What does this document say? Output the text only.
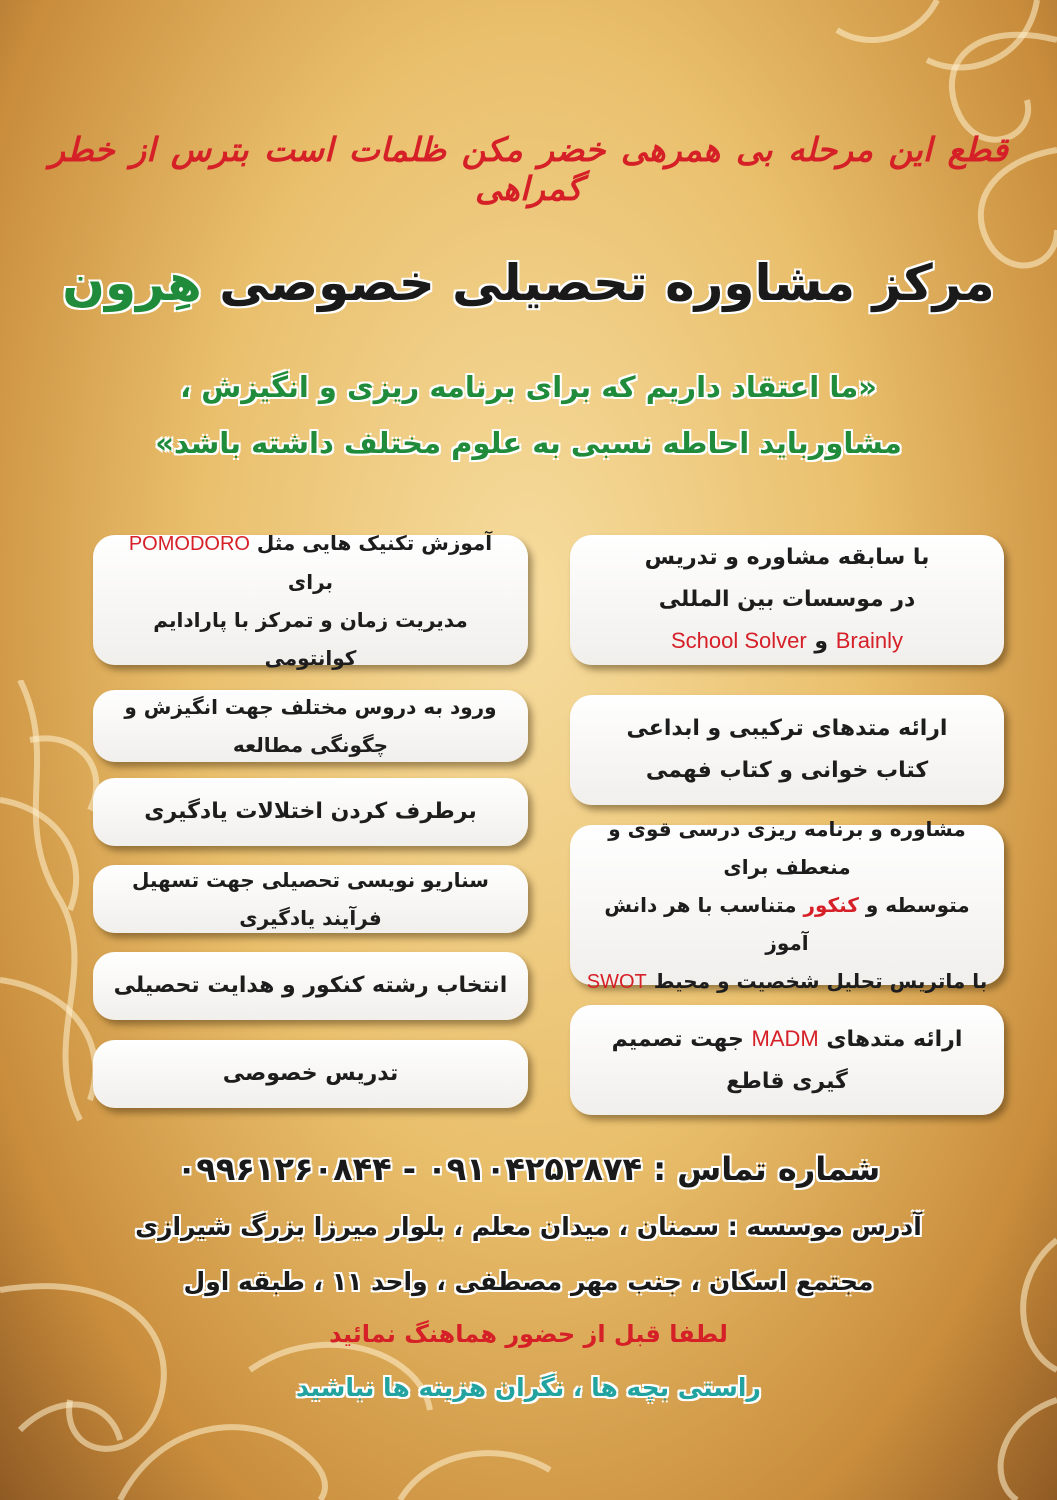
قطع این مرحله بی همرهی خضر مکن ظلمات است بترس از خطر گمراهی
مرکز مشاوره تحصیلی خصوصی هِرون
«ما اعتقاد داریم که برای برنامه ریزی و انگیزش ،
مشاوربايد احاطه نسبی به علوم مختلف داشته باشد»
با سابقه مشاوره و تدریس
در موسسات بین المللی
Brainly و School Solver
ارائه متدهای ترکیبی و ابداعی
کتاب خوانی و کتاب فهمی
مشاوره و برنامه ریزی درسی قوی و منعطف برای
متوسطه و کنکور متناسب با هر دانش آموز
با ماتریس تحلیل شخصیت و محیط SWOT
ارائه متدهای MADM جهت تصمیم گیری قاطع
آموزش تکنیک هایی مثل POMODORO برای
مدیریت زمان و تمرکز با پارادایم کوانتومی
ورود به دروس مختلف جهت انگیزش و چگونگی مطالعه
برطرف کردن اختلالات یادگیری
سناریو نویسی تحصیلی جهت تسهیل فرآیند یادگیری
انتخاب رشته کنکور و هدایت تحصیلی
تدریس خصوصی
شماره تماس : ۰۹۱۰۴۲۵۲۸۷۴ - ۰۹۹۶۱۲۶۰۸۴۴
آدرس موسسه : سمنان ، میدان معلم ، بلوار میرزا بزرگ شیرازی
مجتمع اسکان ، جنب مهر مصطفی ، واحد ۱۱ ، طبقه اول
لطفا قبل از حضور هماهنگ نمائید
راستی بچه ها ، نگران هزینه ها نباشید
